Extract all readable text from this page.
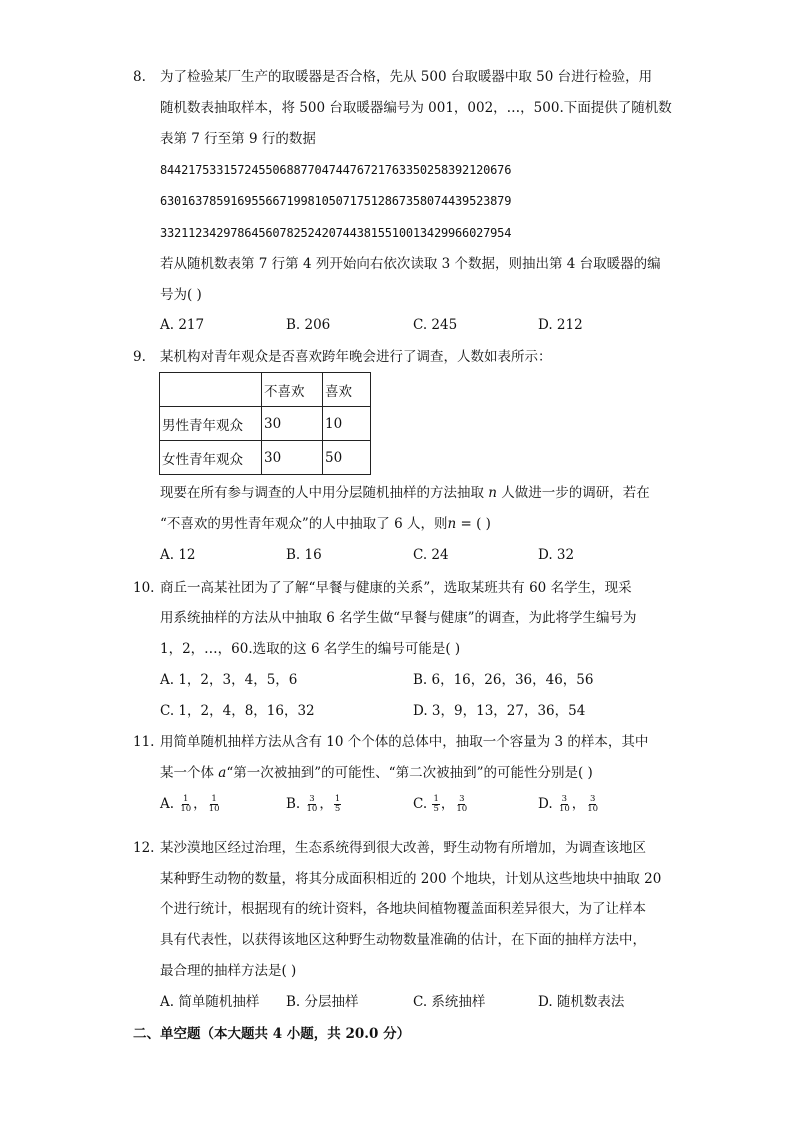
8. 为了检验某厂生产的取暖器是否合格，先从 500 台取暖器中取 50 台进行检验，用
随机数表抽取样本，将 500 台取暖器编号为 001，002，…，500.下面提供了随机数
表第 7 行至第 9 行的数据
84421753315724550688770474476721763350258392120676
63016378591695566719981050717512867358074439523879
33211234297864560782524207443815510013429966027954
若从随机数表第 7 行第 4 列开始向右依次读取 3 个数据，则抽出第 4 台取暖器的编
号为( )
A. 217	B. 206	C. 245	D. 212
9. 某机构对青年观众是否喜欢跨年晚会进行了调查，人数如表所示：
	不喜欢	喜欢
男性青年观众	30	10
女性青年观众	30	50
现要在所有参与调查的人中用分层随机抽样的方法抽取 n 人做进一步的调研，若在
“不喜欢的男性青年观众”的人中抽取了 6 人，则n = ( )
A. 12	B. 16	C. 24	D. 32
10. 商丘一高某社团为了了解“早餐与健康的关系”，选取某班共有 60 名学生，现采
用系统抽样的方法从中抽取 6 名学生做“早餐与健康”的调查，为此将学生编号为
1，2，…，60.选取的这 6 名学生的编号可能是( )
A. 1，2，3，4，5，6	B. 6，16，26，36，46，56
C. 1，2，4，8，16，32	D. 3，9，13，27，36，54
11. 用简单随机抽样方法从含有 10 个个体的总体中，抽取一个容量为 3 的样本，其中
某一个体 a“第一次被抽到”的可能性、“第二次被抽到”的可能性分别是( )
A. $\frac{1}{10}$ ， $\frac{1}{10}$	B. $\frac{3}{10}$ ， $\frac{1}{5}$	C. $\frac{1}{5}$ ， $\frac{3}{10}$	D. $\frac{3}{10}$ ， $\frac{3}{10}$
12. 某沙漠地区经过治理，生态系统得到很大改善，野生动物有所增加，为调查该地区
某种野生动物的数量，将其分成面积相近的 200 个地块，计划从这些地块中抽取 20
个进行统计，根据现有的统计资料，各地块间植物覆盖面积差异很大，为了让样本
具有代表性，以获得该地区这种野生动物数量准确的估计，在下面的抽样方法中，
最合理的抽样方法是( )
A. 简单随机抽样 B. 分层抽样	C. 系统抽样	D. 随机数表法
二、单空题（本大题共 4 小题，共 20.0 分）
